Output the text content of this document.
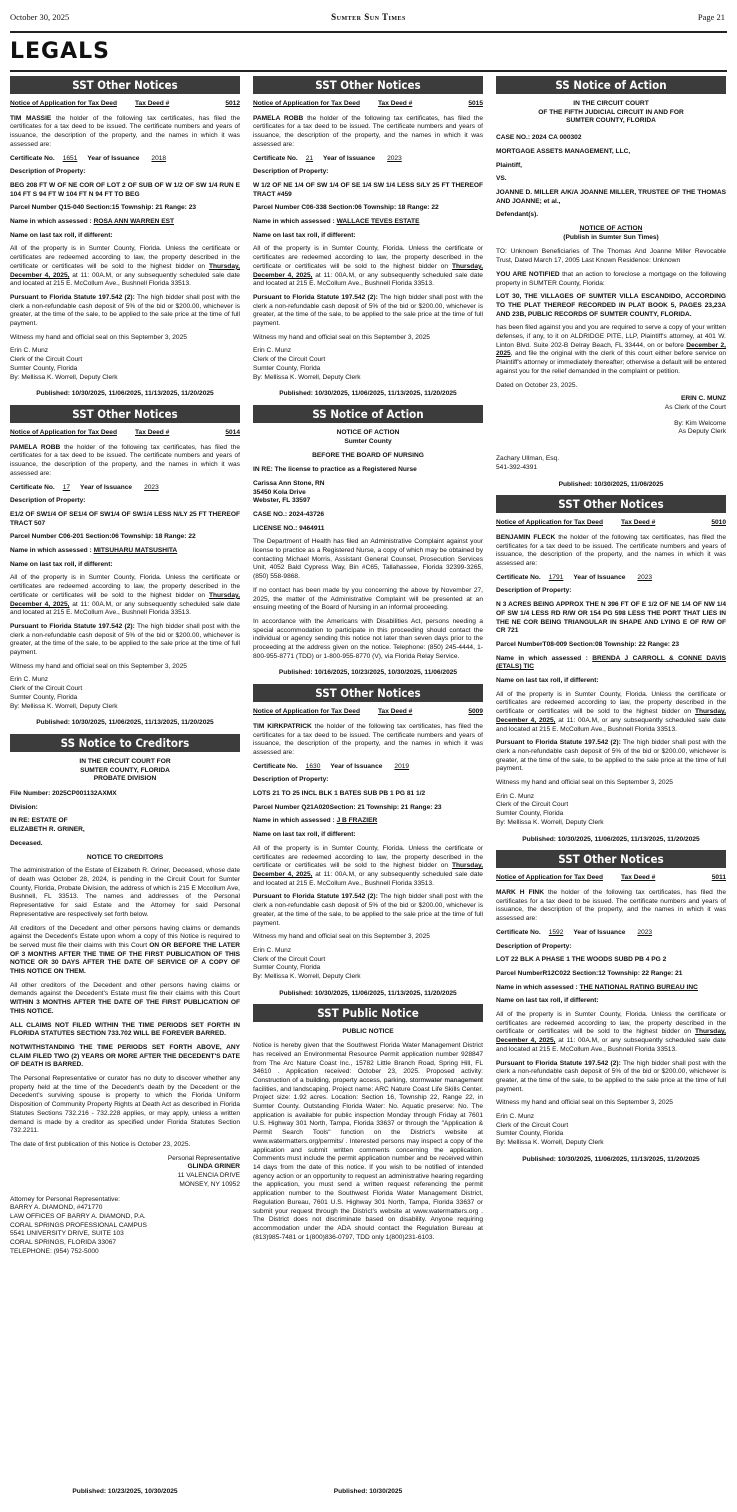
October 30, 2025	Sumter Sun Times	Page 21
LEGALS
SST Other Notices
Notice of Application for Tax Deed	Tax Deed #	5012

TIM MASSIE the holder of the following tax certificates, has filed the certificates for a tax deed to be issued. The certificate numbers and years of issuance, the description of the property, and the names in which it was assessed are:

Certificate No. 1651 Year of Issuance 2018

Description of Property:

BEG 208 FT W OF NE COR OF LOT 2 OF SUB OF W 1/2 OF SW 1/4 RUN E 104 FT S 94 FT W 104 FT N 94 FT TO BEG

Parcel Number Q15-040 Section:15 Township: 21 Range: 23

Name in which assessed : ROSA ANN WARREN EST

Name on last tax roll, if different:

All of the property is in Sumter County, Florida. Unless the certificate or certificates are redeemed according to law, the property described in the certificate or certificates will be sold to the highest bidder on Thursday, December 4, 2025, at 11: 00A.M, or any subsequently scheduled sale date and located at 215 E. McCollum Ave., Bushnell Florida 33513.

Pursuant to Florida Statute 197.542 (2): The high bidder shall post with the clerk a non-refundable cash deposit of 5% of the bid or $200.00, whichever is greater, at the time of the sale, to be applied to the sale price at the time of full payment.

Witness my hand and official seal on this September 3, 2025

Erin C. Munz
Clerk of the Circuit Court
Sumter County, Florida
By: Mellissa K. Worrell, Deputy Clerk
Published: 10/30/2025, 11/06/2025, 11/13/2025, 11/20/2025
SST Other Notices
Notice of Application for Tax Deed	Tax Deed #	5014

PAMELA ROBB the holder of the following tax certificates, has filed the certificates for a tax deed to be issued. The certificate numbers and years of issuance, the description of the property, and the names in which it was assessed are:

Certificate No. 17 Year of Issuance 2023

Description of Property:

E1/2 OF SW1/4 OF SE1/4 OF SW1/4 OF SW1/4 LESS N/LY 25 FT THEREOF TRACT 507

Parcel Number C06-201 Section:06 Township: 18 Range: 22

Name in which assessed : MITSUHARU MATSUSHITA

Name on last tax roll, if different:

All of the property is in Sumter County, Florida. Unless the certificate or certificates are redeemed according to law, the property described in the certificate or certificates will be sold to the highest bidder on Thursday, December 4, 2025, at 11: 00A.M, or any subsequently scheduled sale date and located at 215 E. McCollum Ave., Bushnell Florida 33513.

Pursuant to Florida Statute 197.542 (2): The high bidder shall post with the clerk a non-refundable cash deposit of 5% of the bid or $200.00, whichever is greater, at the time of the sale, to be applied to the sale price at the time of full payment.

Witness my hand and official seal on this September 3, 2025

Erin C. Munz
Clerk of the Circuit Court
Sumter County, Florida
By: Mellissa K. Worrell, Deputy Clerk
Published: 10/30/2025, 11/06/2025, 11/13/2025, 11/20/2025
SS Notice to Creditors
IN THE CIRCUIT COURT FOR
SUMTER COUNTY, FLORIDA
PROBATE DIVISION

File Number: 2025CP001132AXMX

Division:

IN RE: ESTATE OF
ELIZABETH R. GRINER,

Deceased.

NOTICE TO CREDITORS

The administration of the Estate of Elizabeth R. Griner, Deceased, whose date of death was October 28, 2024, is pending in the Circuit Court for Sumter County, Florida, Probate Division, the address of which is 215 E Mccollum Ave, Bushnell, FL 33513. The names and addresses of the Personal Representative for said Estate and the Attorney for said Personal Representative are respectively set forth below.

All creditors of the Decedent and other persons having claims or demands against the Decedent's Estate upon whom a copy of this Notice is required to be served must file their claims with this Court ON OR BEFORE THE LATER OF 3 MONTHS AFTER THE TIME OF THE FIRST PUBLICATION OF THIS NOTICE OR 30 DAYS AFTER THE DATE OF SERVICE OF A COPY OF THIS NOTICE ON THEM.

All other creditors of the Decedent and other persons having claims or demands against the Decedent's Estate must file their claims with this Court WITHIN 3 MONTHS AFTER THE DATE OF THE FIRST PUBLICATION OF THIS NOTICE.

ALL CLAIMS NOT FILED WITHIN THE TIME PERIODS SET FORTH IN FLORIDA STATUTES SECTION 733.702 WILL BE FOREVER BARRED.

NOTWITHSTANDING THE TIME PERIODS SET FORTH ABOVE, ANY CLAIM FILED TWO (2) YEARS OR MORE AFTER THE DECEDENT'S DATE OF DEATH IS BARRED.

The Personal Representative or curator has no duty to discover whether any property held at the time of the Decedent's death by the Decedent or the Decedent's surviving spouse is property to which the Florida Uniform Disposition of Community Property Rights at Death Act as described in Florida Statutes Sections 732.216 - 732.228 applies, or may apply, unless a written demand is made by a creditor as specified under Florida Statutes Section 732.2211.

The date of first publication of this Notice is October 23, 2025.

Personal Representative
GLINDA GRINER
11 VALENCIA DRIVE
MONSEY, NY 10952
Attorney for Personal Representative:
BARRY A. DIAMOND, #471770
LAW OFFICES OF BARRY A. DIAMOND, P.A.
CORAL SPRINGS PROFESSIONAL CAMPUS
5541 UNIVERSITY DRIVE, SUITE 103
CORAL SPRINGS, FLORIDA 33067
TELEPHONE: (954) 752-5000
Published: 10/23/2025, 10/30/2025
SST Other Notices
Notice of Application for Tax Deed	Tax Deed #	5015

PAMELA ROBB the holder of the following tax certificates, has filed the certificates for a tax deed to be issued. The certificate numbers and years of issuance, the description of the property, and the names in which it was assessed are:

Certificate No. 21 Year of Issuance 2023

Description of Property:

W 1/2 OF NE 1/4 OF SW 1/4 OF SE 1/4 SW 1/4 LESS S/LY 25 FT THEREOF TRACT #459

Parcel Number C06-338 Section:06 Township: 18 Range: 22

Name in which assessed : WALLACE TEVES ESTATE

Name on last tax roll, if different:

All of the property is in Sumter County, Florida. Unless the certificate or certificates are redeemed according to law, the property described in the certificate or certificates will be sold to the highest bidder on Thursday, December 4, 2025, at 11: 00A.M, or any subsequently scheduled sale date and located at 215 E. McCollum Ave., Bushnell Florida 33513.

Pursuant to Florida Statute 197.542 (2): The high bidder shall post with the clerk a non-refundable cash deposit of 5% of the bid or $200.00, whichever is greater, at the time of the sale, to be applied to the sale price at the time of full payment.

Witness my hand and official seal on this September 3, 2025

Erin C. Munz
Clerk of the Circuit Court
Sumter County, Florida
By: Mellissa K. Worrell, Deputy Clerk
Published: 10/30/2025, 11/06/2025, 11/13/2025, 11/20/2025
SS Notice of Action
NOTICE OF ACTION
Sumter County

BEFORE THE BOARD OF NURSING

IN RE: The license to practice as a Registered Nurse

Carissa Ann Stone, RN
35450 Kola Drive
Webster, FL 33597

CASE NO.: 2024-43726

LICENSE NO.: 9464911

The Department of Health has filed an Administrative Complaint against your license to practice as a Registered Nurse, a copy of which may be obtained by contacting Michael Morris, Assistant General Counsel, Prosecution Services Unit, 4052 Bald Cypress Way, Bin #C65, Tallahassee, Florida 32399-3265, (850) 558-9868.

If no contact has been made by you concerning the above by November 27, 2025, the matter of the Administrative Complaint will be presented at an ensuing meeting of the Board of Nursing in an informal proceeding.

In accordance with the Americans with Disabilities Act, persons needing a special accommodation to participate in this proceeding should contact the individual or agency sending this notice not later than seven days prior to the proceeding at the address given on the notice. Telephone: (850) 245-4444, 1-800-955-8771 (TDD) or 1-800-955-8770 (V), via Florida Relay Service.

Published: 10/16/2025, 10/23/2025, 10/30/2025, 11/06/2025
SST Other Notices
Notice of Application for Tax Deed	Tax Deed #	5009

TIM KIRKPATRICK the holder of the following tax certificates, has filed the certificates for a tax deed to be issued. The certificate numbers and years of issuance, the description of the property, and the names in which it was assessed are:

Certificate No. 1630 Year of Issuance 2019

Description of Property:

LOTS 21 TO 25 INCL BLK 1 BATES SUB PB 1 PG 81 1/2

Parcel Number Q21A020Section: 21 Township: 21 Range: 23

Name in which assessed : J B FRAZIER

Name on last tax roll, if different:

All of the property is in Sumter County, Florida. Unless the certificate or certificates are redeemed according to law, the property described in the certificate or certificates will be sold to the highest bidder on Thursday, December 4, 2025, at 11: 00A.M, or any subsequently scheduled sale date and located at 215 E. McCollum Ave., Bushnell Florida 33513.

Pursuant to Florida Statute 197.542 (2): The high bidder shall post with the clerk a non-refundable cash deposit of 5% of the bid or $200.00, whichever is greater, at the time of the sale, to be applied to the sale price at the time of full payment.

Witness my hand and official seal on this September 3, 2025

Erin C. Munz
Clerk of the Circuit Court
Sumter County, Florida
By: Mellissa K. Worrell, Deputy Clerk
Published: 10/30/2025, 11/06/2025, 11/13/2025, 11/20/2025
SST Public Notice

PUBLIC NOTICE

Notice is hereby given that the Southwest Florida Water Management District has received an Environmental Resource Permit application number 928847 from The Arc Nature Coast Inc., 15782 Little Branch Road, Spring Hill, FL 34610 . Application received: October 23, 2025. Proposed activity: Construction of a building, property access, parking, stormwater management facilities, and landscaping. Project name: ARC Nature Coast Life Skills Center. Project size: 1.92 acres. Location: Section 16, Township 22, Range 22, in Sumter County. Outstanding Florida Water: No. Aquatic preserve: No. The application is available for public inspection Monday through Friday at 7601 U.S. Highway 301 North, Tampa, Florida 33637 or through the "Application & Permit Search Tools" function on the District's website at www.watermatters.org/permits/ . Interested persons may inspect a copy of the application and submit written comments concerning the application. Comments must include the permit application number and be received within 14 days from the date of this notice. If you wish to be notified of intended agency action or an opportunity to request an administrative hearing regarding the application, you must send a written request referencing the permit application number to the Southwest Florida Water Management District, Regulation Bureau, 7601 U.S. Highway 301 North, Tampa, Florida 33637 or submit your request through the District's website at www.watermatters.org . The District does not discriminate based on disability. Anyone requiring accommodation under the ADA should contact the Regulation Bureau at (813)985-7481 or 1(800)836-0797, TDD only 1(800)231-6103.

Published: 10/30/2025
SS Notice of Action
IN THE CIRCUIT COURT
OF THE FIFTH JUDICIAL CIRCUIT IN AND FOR
SUMTER COUNTY, FLORIDA

CASE NO.: 2024 CA 000302

MORTGAGE ASSETS MANAGEMENT, LLC,

Plaintiff,

VS.

JOANNE D. MILLER A/K/A JOANNE MILLER, TRUSTEE OF THE THOMAS AND JOANNE; et al.,

Defendant(s).

NOTICE OF ACTION
(Publish in Sumter Sun Times)

TO: Unknown Beneficiaries of The Thomas And Joanne Miller Revocable Trust, Dated March 17, 2005 Last Known Residence: Unknown

YOU ARE NOTIFIED that an action to foreclose a mortgage on the following property in SUMTER County, Florida:

LOT 30, THE VILLAGES OF SUMTER VILLA ESCANDIDO, ACCORDING TO THE PLAT THEREOF RECORDED IN PLAT BOOK 5, PAGES 23,23A AND 23B, PUBLIC RECORDS OF SUMTER COUNTY, FLORIDA.

has been filed against you and you are required to serve a copy of your written defenses, if any, to it on ALDRIDGE PITE, LLP, Plaintiff's attorney, at 401 W. Linton Blvd. Suite 202-B Delray Beach, FL 33444, on or before December 2, 2025, and file the original with the clerk of this court either before service on Plaintiff's attorney or immediately thereafter; otherwise a default will be entered against you for the relief demanded in the complaint or petition.

Dated on October 23, 2025.

ERIN C. MUNZ
As Clerk of the Court
By: Kim Welcome
As Deputy Clerk
Zachary Ullman, Esq.
541-392-4391
Published: 10/30/2025, 11/06/2025
SST Other Notices
Notice of Application for Tax Deed	Tax Deed #	5010

BENJAMIN FLECK the holder of the following tax certificates, has filed the certificates for a tax deed to be issued. The certificate numbers and years of issuance, the description of the property, and the names in which it was assessed are:

Certificate No. 1791 Year of Issuance 2023

Description of Property:

N 3 ACRES BEING APPROX THE N 396 FT OF E 1/2 OF NE 1/4 OF NW 1/4 OF SW 1/4 LESS RD R/W OR 154 PG 598 LESS THE PORT THAT LIES IN THE NE COR BEING TRIANGULAR IN SHAPE AND LYING E OF R/W OF CR 721

Parcel NumberT08-009 Section:08 Township: 22 Range: 23

Name in which assessed : BRENDA J CARROLL & CONNE DAVIS (ETALS) TIC

Name on last tax roll, if different:

All of the property is in Sumter County, Florida. Unless the certificate or certificates are redeemed according to law, the property described in the certificate or certificates will be sold to the highest bidder on Thursday, December 4, 2025, at 11: 00A.M, or any subsequently scheduled sale date and located at 215 E. McCollum Ave., Bushnell Florida 33513.

Pursuant to Florida Statute 197.542 (2): The high bidder shall post with the clerk a non-refundable cash deposit of 5% of the bid or $200.00, whichever is greater, at the time of the sale, to be applied to the sale price at the time of full payment.

Witness my hand and official seal on this September 3, 2025

Erin C. Munz
Clerk of the Circuit Court
Sumter County, Florida
By: Mellissa K. Worrell, Deputy Clerk
Published: 10/30/2025, 11/06/2025, 11/13/2025, 11/20/2025
SST Other Notices
Notice of Application for Tax Deed	Tax Deed #	5011

MARK H FINK the holder of the following tax certificates, has filed the certificates for a tax deed to be issued. The certificate numbers and years of issuance, the description of the property, and the names in which it was assessed are:

Certificate No. 1592 Year of Issuance 2023

Description of Property:

LOT 22 BLK A PHASE 1 THE WOODS SUBD PB 4 PG 2

Parcel NumberR12C022 Section:12 Township: 22 Range: 21

Name in which assessed : THE NATIONAL RATING BUREAU INC

Name on last tax roll, if different:

All of the property is in Sumter County, Florida. Unless the certificate or certificates are redeemed according to law, the property described in the certificate or certificates will be sold to the highest bidder on Thursday, December 4, 2025, at 11: 00A.M, or any subsequently scheduled sale date and located at 215 E. McCollum Ave., Bushnell Florida 33513.

Pursuant to Florida Statute 197.542 (2): The high bidder shall post with the clerk a non-refundable cash deposit of 5% of the bid or $200.00, whichever is greater, at the time of the sale, to be applied to the sale price at the time of full payment.

Witness my hand and official seal on this September 3, 2025

Erin C. Munz
Clerk of the Circuit Court
Sumter County, Florida
By: Mellissa K. Worrell, Deputy Clerk
Published: 10/30/2025, 11/06/2025, 11/13/2025, 11/20/2025
